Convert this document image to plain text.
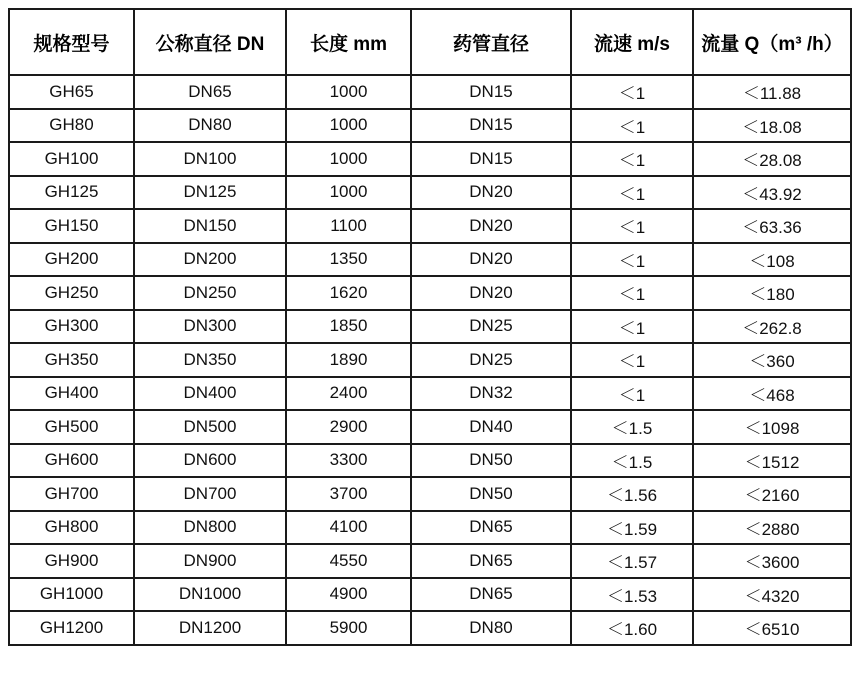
规格型号	公称直径 DN	长度 mm	药管直径	流速 m/s	流量 Q（m³ /h）
GH65	DN65	1000	DN15	＜1	＜11.88
GH80	DN80	1000	DN15	＜1	＜18.08
GH100	DN100	1000	DN15	＜1	＜28.08
GH125	DN125	1000	DN20	＜1	＜43.92
GH150	DN150	1100	DN20	＜1	＜63.36
GH200	DN200	1350	DN20	＜1	＜108
GH250	DN250	1620	DN20	＜1	＜180
GH300	DN300	1850	DN25	＜1	＜262.8
GH350	DN350	1890	DN25	＜1	＜360
GH400	DN400	2400	DN32	＜1	＜468
GH500	DN500	2900	DN40	＜1.5	＜1098
GH600	DN600	3300	DN50	＜1.5	＜1512
GH700	DN700	3700	DN50	＜1.56	＜2160
GH800	DN800	4100	DN65	＜1.59	＜2880
GH900	DN900	4550	DN65	＜1.57	＜3600
GH1000	DN1000	4900	DN65	＜1.53	＜4320
GH1200	DN1200	5900	DN80	＜1.60	＜6510
